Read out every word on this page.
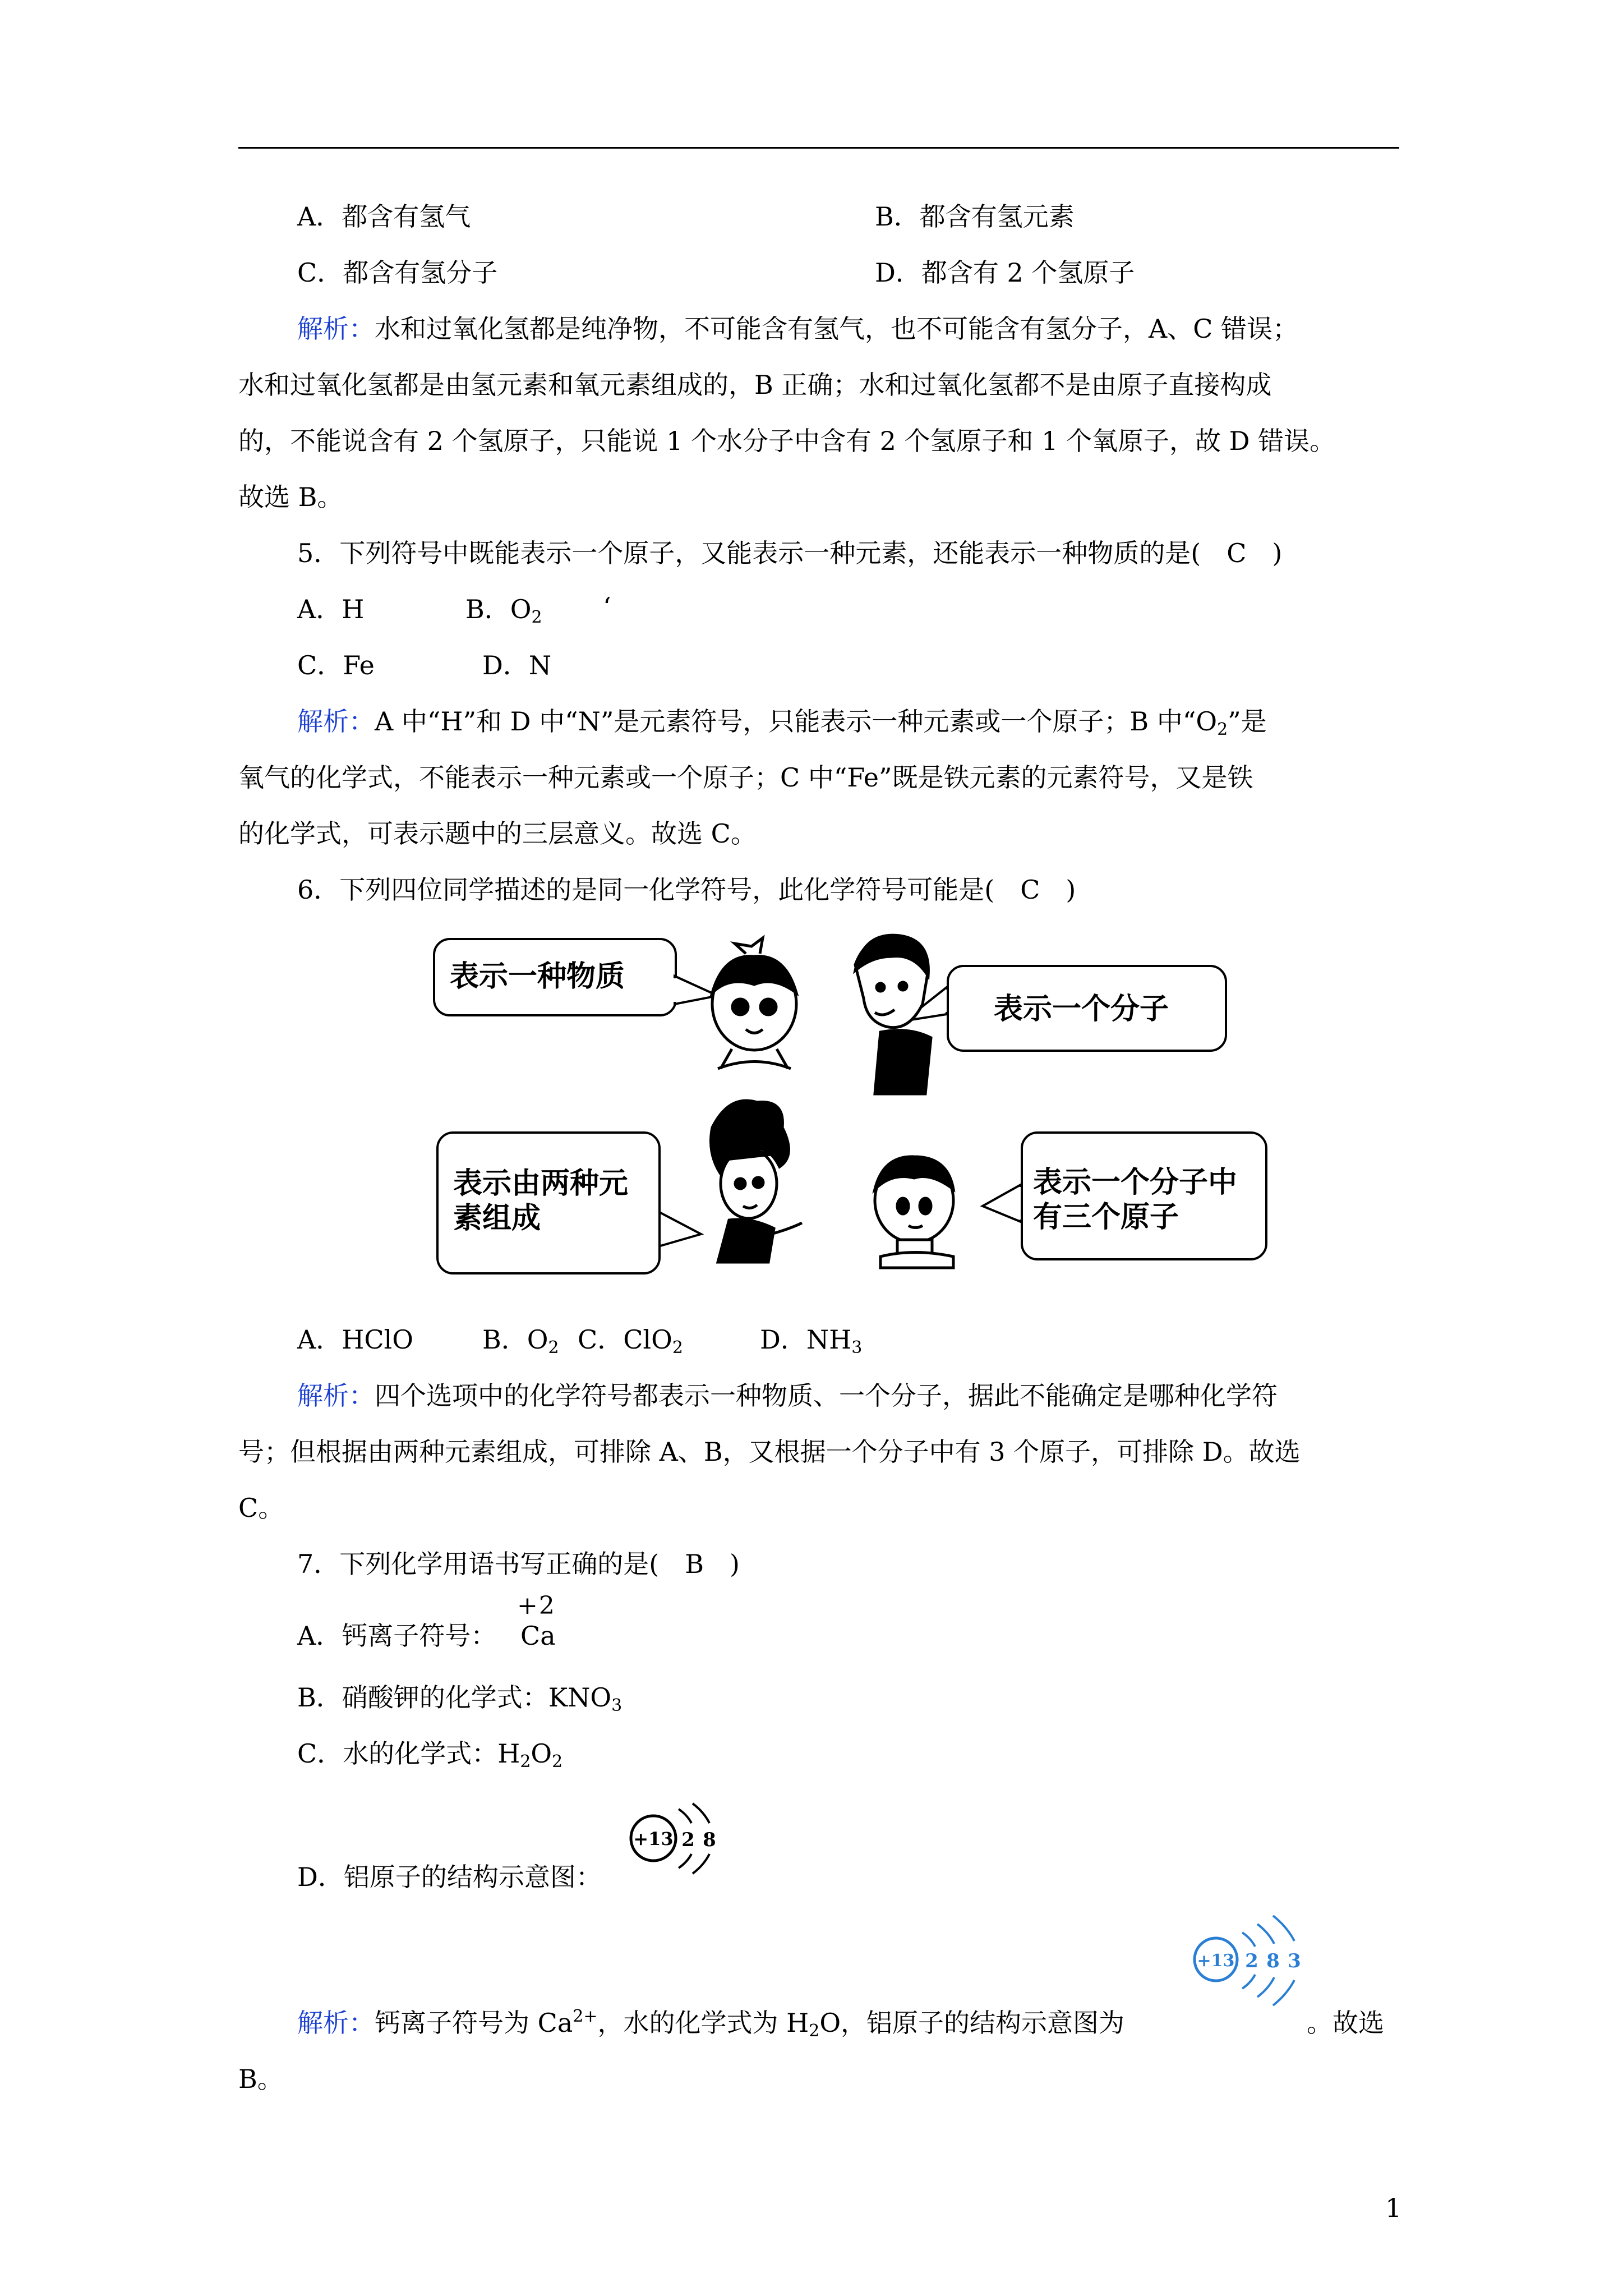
A．都含有氢气	B．都含有氢元素
C．都含有氢分子	D．都含有 2 个氢原子
解析：水和过氧化氢都是纯净物，不可能含有氢气，也不可能含有氢分子，A、C 错误；
水和过氧化氢都是由氢元素和氧元素组成的，B 正确；水和过氧化氢都不是由原子直接构成
的，不能说含有 2 个氢原子，只能说 1 个水分子中含有 2 个氢原子和 1 个氧原子，故 D 错误。
故选 B。
5．下列符号中既能表示一个原子，又能表示一种元素，还能表示一种物质的是(　C　)
A．H	B．$O_2$ ‘
C．Fe	D．N
解析：A 中“H”和 D 中“N”是元素符号，只能表示一种元素或一个原子；B 中“$O_2$”是
氧气的化学式，不能表示一种元素或一个原子；C 中“Fe”既是铁元素的元素符号，又是铁
的化学式，可表示题中的三层意义。故选 C。
6．下列四位同学描述的是同一化学符号，此化学符号可能是(　C　)
表示一种物质
表示一个分子
表示由两种元
素组成
表示一个分子中
有三个原子
A．HClO	B．$O_2$ C．ClO$_2$	D．$NH_3$
解析：四个选项中的化学符号都表示一种物质、一个分子，据此不能确定是哪种化学符
号；但根据由两种元素组成，可排除 A、B，又根据一个分子中有 3 个原子，可排除 D。故选
C。
7．下列化学用语书写正确的是(　B　)
A．钙离子符号：
+2
Ca
B．硝酸钾的化学式：$KNO_3$
C．水的化学式：$H_2O_2$
D．铝原子的结构示意图：
+13 2 8
解析：钙离子符号为 $Ca^{2+}$，水的化学式为 $H_2O$，铝原子的结构示意图为
+13 2 8 3
。故选
B。
1
